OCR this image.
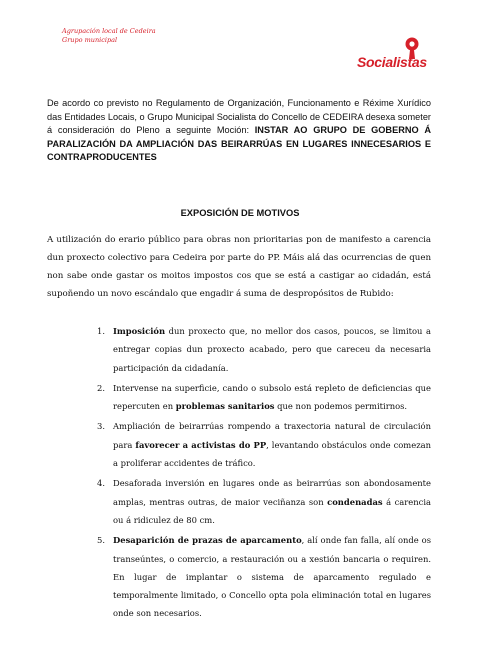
Agrupación local de Cedeira
Grupo municipal
Socialistas
De acordo co previsto no Regulamento de Organización, Funcionamento e Réxime Xurídico das Entidades Locais, o Grupo Municipal Socialista do Concello de CEDEIRA desexa someter á consideración do Pleno a seguinte Moción: INSTAR AO GRUPO DE GOBERNO Á PARALIZACIÓN DA AMPLIACIÓN DAS BEIRARRÚAS EN LUGARES INNECESARIOS E CONTRAPRODUCENTES
EXPOSICIÓN DE MOTIVOS
A utilización do erario público para obras non prioritarias pon de manifesto a carencia dun proxecto colectivo para Cedeira por parte do PP. Máis alá das ocurrencias de quen non sabe onde gastar os moitos impostos cos que se está a castigar ao cidadán, está supoñendo un novo escándalo que engadir á suma de despropósitos de Rubido:
1. Imposición dun proxecto que, no mellor dos casos, poucos, se limitou a entregar copias dun proxecto acabado, pero que careceu da necesaria participación da cidadanía.
2. Intervense na superficie, cando o subsolo está repleto de deficiencias que repercuten en problemas sanitarios que non podemos permitirnos.
3. Ampliación de beirarrúas rompendo a traxectoria natural de circulación para favorecer a activistas do PP, levantando obstáculos onde comezan a proliferar accidentes de tráfico.
4. Desaforada inversión en lugares onde as beirarrúas son abondosamente amplas, mentras outras, de maior veciñanza son condenadas á carencia ou á ridiculez de 80 cm.
5. Desaparición de prazas de aparcamento, alí onde fan falla, alí onde os transeúntes, o comercio, a restauración ou a xestión bancaria o requiren. En lugar de implantar o sistema de aparcamento regulado e temporalmente limitado, o Concello opta pola eliminación total en lugares onde son necesarios.
